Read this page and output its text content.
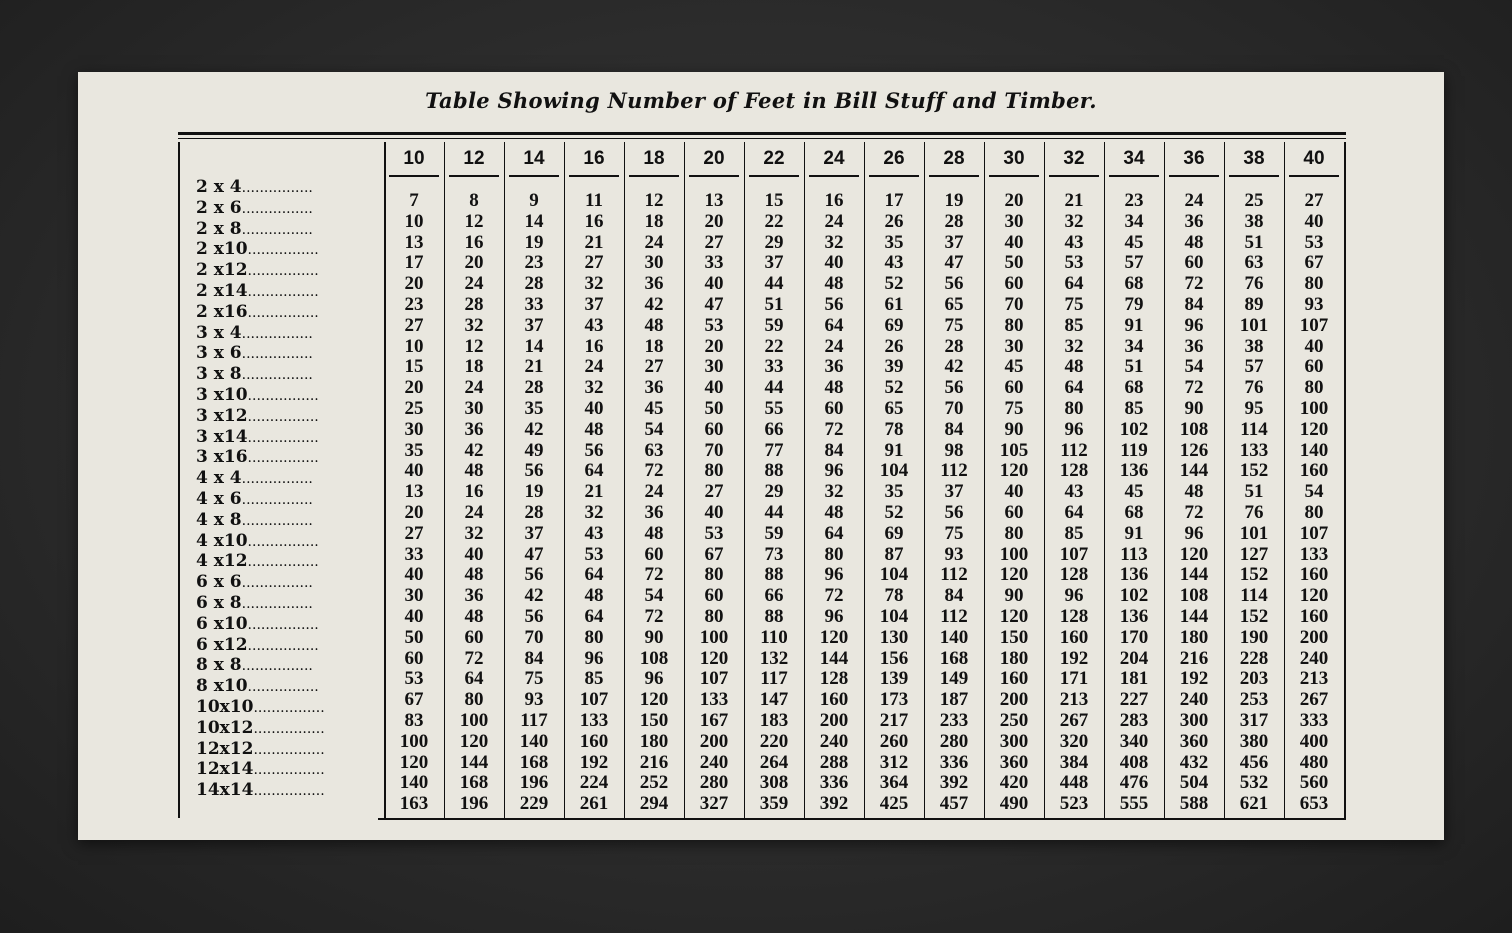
Table Showing Number of Feet in Bill Stuff and Timber.
2 x 4................
2 x 6................
2 x 8................
2 x10................
2 x12................
2 x14................
2 x16................
3 x 4................
3 x 6................
3 x 8................
3 x10................
3 x12................
3 x14................
3 x16................
4 x 4................
4 x 6................
4 x 8................
4 x10................
4 x12................
6 x 6................
6 x 8................
6 x10................
6 x12................
8 x 8................
8 x10................
10x10................
10x12................
12x12................
12x14................
14x14................
10
7
10
13
17
20
23
27
10
15
20
25
30
35
40
13
20
27
33
40
30
40
50
60
53
67
83
100
120
140
163
12
8
12
16
20
24
28
32
12
18
24
30
36
42
48
16
24
32
40
48
36
48
60
72
64
80
100
120
144
168
196
14
9
14
19
23
28
33
37
14
21
28
35
42
49
56
19
28
37
47
56
42
56
70
84
75
93
117
140
168
196
229
16
11
16
21
27
32
37
43
16
24
32
40
48
56
64
21
32
43
53
64
48
64
80
96
85
107
133
160
192
224
261
18
12
18
24
30
36
42
48
18
27
36
45
54
63
72
24
36
48
60
72
54
72
90
108
96
120
150
180
216
252
294
20
13
20
27
33
40
47
53
20
30
40
50
60
70
80
27
40
53
67
80
60
80
100
120
107
133
167
200
240
280
327
22
15
22
29
37
44
51
59
22
33
44
55
66
77
88
29
44
59
73
88
66
88
110
132
117
147
183
220
264
308
359
24
16
24
32
40
48
56
64
24
36
48
60
72
84
96
32
48
64
80
96
72
96
120
144
128
160
200
240
288
336
392
26
17
26
35
43
52
61
69
26
39
52
65
78
91
104
35
52
69
87
104
78
104
130
156
139
173
217
260
312
364
425
28
19
28
37
47
56
65
75
28
42
56
70
84
98
112
37
56
75
93
112
84
112
140
168
149
187
233
280
336
392
457
30
20
30
40
50
60
70
80
30
45
60
75
90
105
120
40
60
80
100
120
90
120
150
180
160
200
250
300
360
420
490
32
21
32
43
53
64
75
85
32
48
64
80
96
112
128
43
64
85
107
128
96
128
160
192
171
213
267
320
384
448
523
34
23
34
45
57
68
79
91
34
51
68
85
102
119
136
45
68
91
113
136
102
136
170
204
181
227
283
340
408
476
555
36
24
36
48
60
72
84
96
36
54
72
90
108
126
144
48
72
96
120
144
108
144
180
216
192
240
300
360
432
504
588
38
25
38
51
63
76
89
101
38
57
76
95
114
133
152
51
76
101
127
152
114
152
190
228
203
253
317
380
456
532
621
40
27
40
53
67
80
93
107
40
60
80
100
120
140
160
54
80
107
133
160
120
160
200
240
213
267
333
400
480
560
653
